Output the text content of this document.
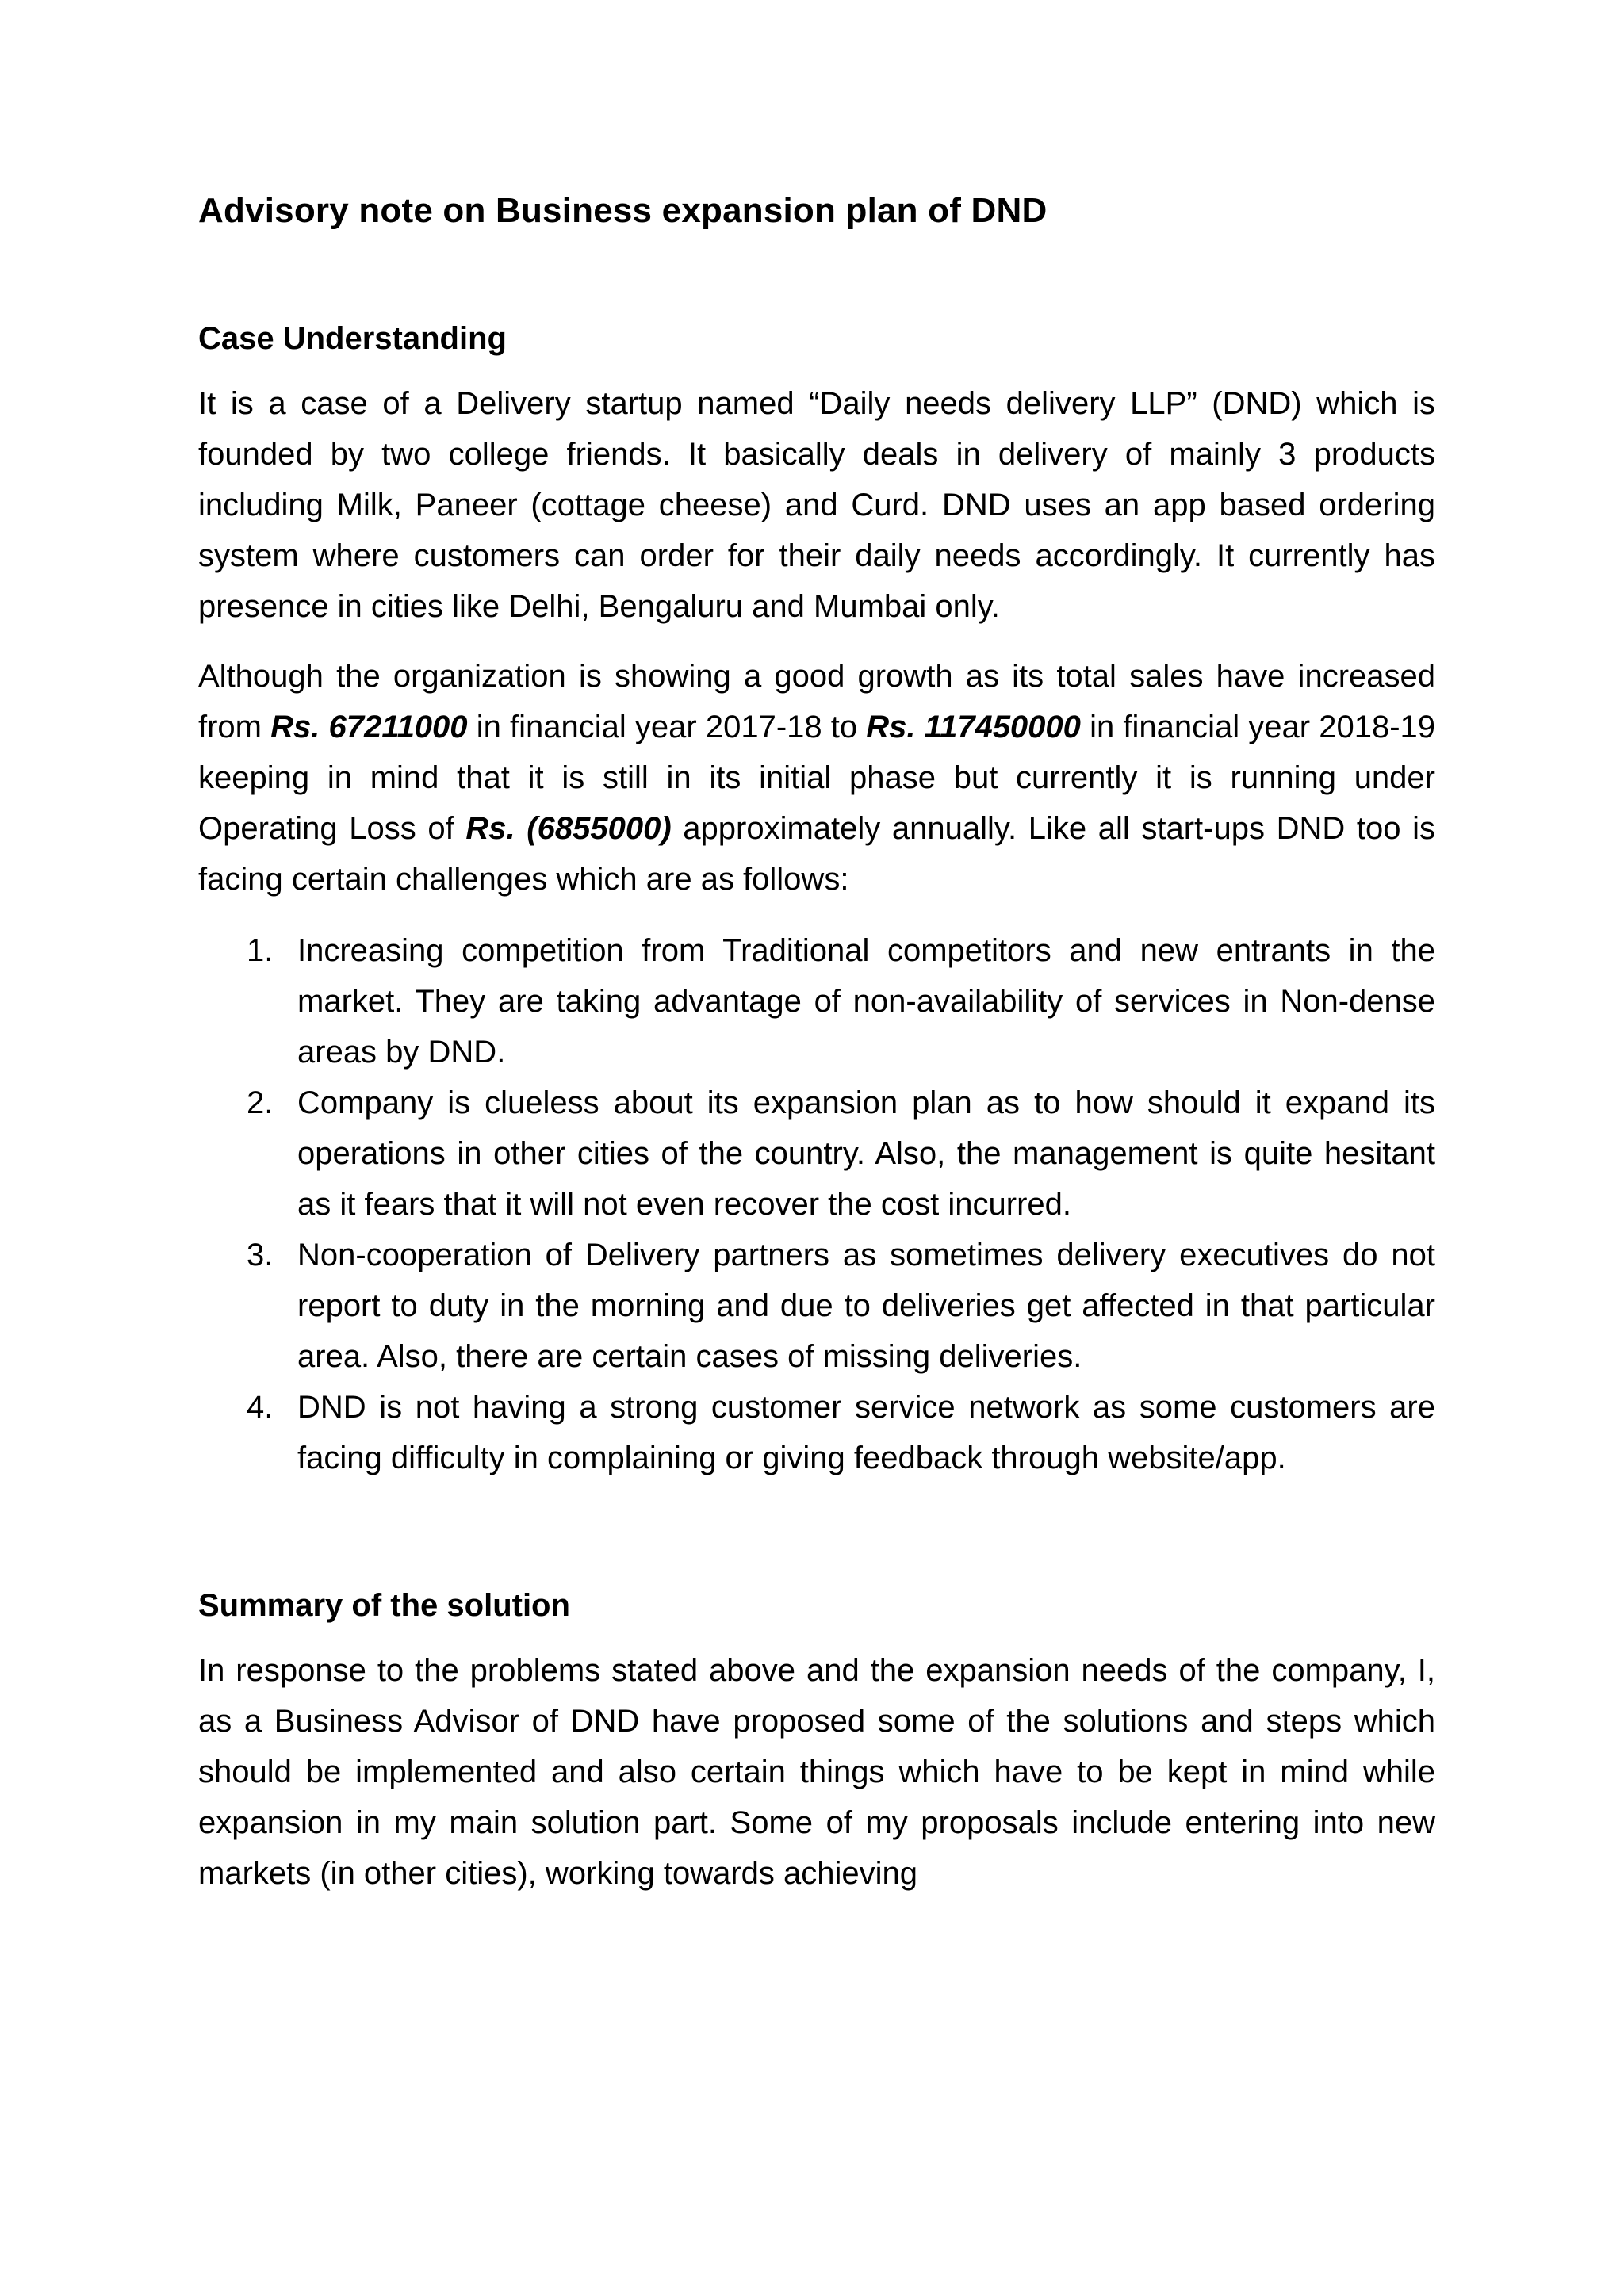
Advisory note on Business expansion plan of DND
Case Understanding

It is a case of a Delivery startup named “Daily needs delivery LLP” (DND) which is founded by two college friends. It basically deals in delivery of mainly 3 products including Milk, Paneer (cottage cheese) and Curd. DND uses an app based ordering system where customers can order for their daily needs accordingly. It currently has presence in cities like Delhi, Bengaluru and Mumbai only.

Although the organization is showing a good growth as its total sales have increased from Rs. 67211000 in financial year 2017-18 to Rs. 117450000 in financial year 2018-19 keeping in mind that it is still in its initial phase but currently it is running under Operating Loss of Rs. (6855000) approximately annually. Like all start-ups DND too is facing certain challenges which are as follows:

1. Increasing competition from Traditional competitors and new entrants in the market. They are taking advantage of non-availability of services in Non-dense areas by DND.
2. Company is clueless about its expansion plan as to how should it expand its operations in other cities of the country. Also, the management is quite hesitant as it fears that it will not even recover the cost incurred.
3. Non-cooperation of Delivery partners as sometimes delivery executives do not report to duty in the morning and due to deliveries get affected in that particular area. Also, there are certain cases of missing deliveries.
4. DND is not having a strong customer service network as some customers are facing difficulty in complaining or giving feedback through website/app.
Summary of the solution

In response to the problems stated above and the expansion needs of the company, I, as a Business Advisor of DND have proposed some of the solutions and steps which should be implemented and also certain things which have to be kept in mind while expansion in my main solution part. Some of my proposals include entering into new markets (in other cities), working towards achieving
